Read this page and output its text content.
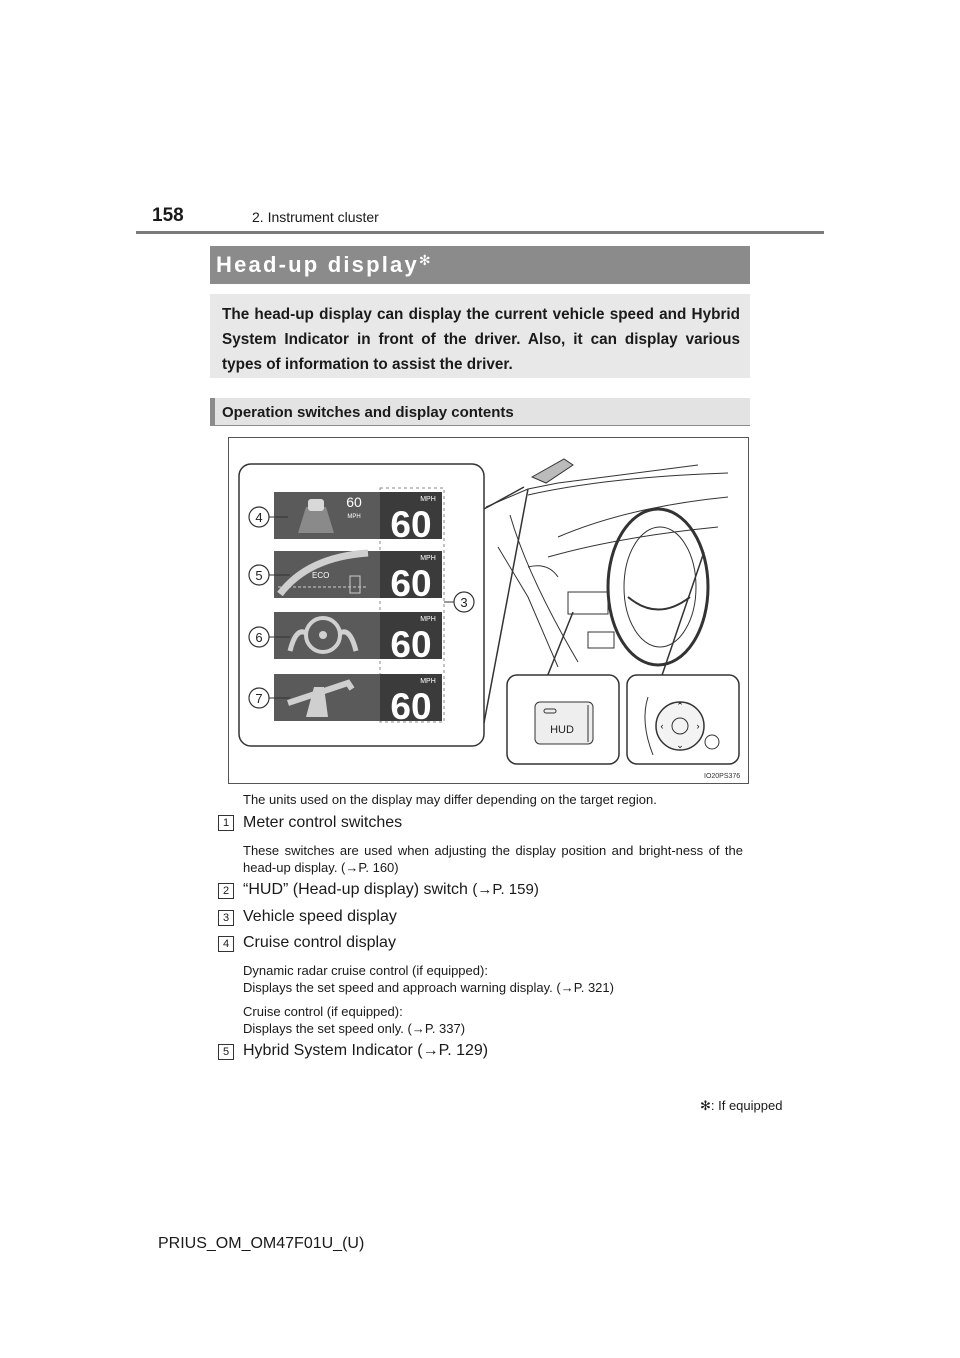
158	2. Instrument cluster
Head-up display✻
The head-up display can display the current vehicle speed and Hybrid System Indicator in front of the driver. Also, it can display various types of information to assist the driver.
Operation switches and display contents
60
MPH
MPH
60
ECO
MPH
60
MPH
60
MPH
60
4
5
6
7
3
HUD
⌃
⌄
‹	›
IO20PS376
The units used on the display may differ depending on the target region.
1 Meter control switches
These switches are used when adjusting the display position and bright-ness of the head-up display. (→P. 160)
2 “HUD” (Head-up display) switch (→P. 159)
3 Vehicle speed display
4 Cruise control display
Dynamic radar cruise control (if equipped):
Displays the set speed and approach warning display. (→P. 321)
Cruise control (if equipped):
Displays the set speed only. (→P. 337)
5 Hybrid System Indicator (→P. 129)
✻: If equipped
PRIUS_OM_OM47F01U_(U)
